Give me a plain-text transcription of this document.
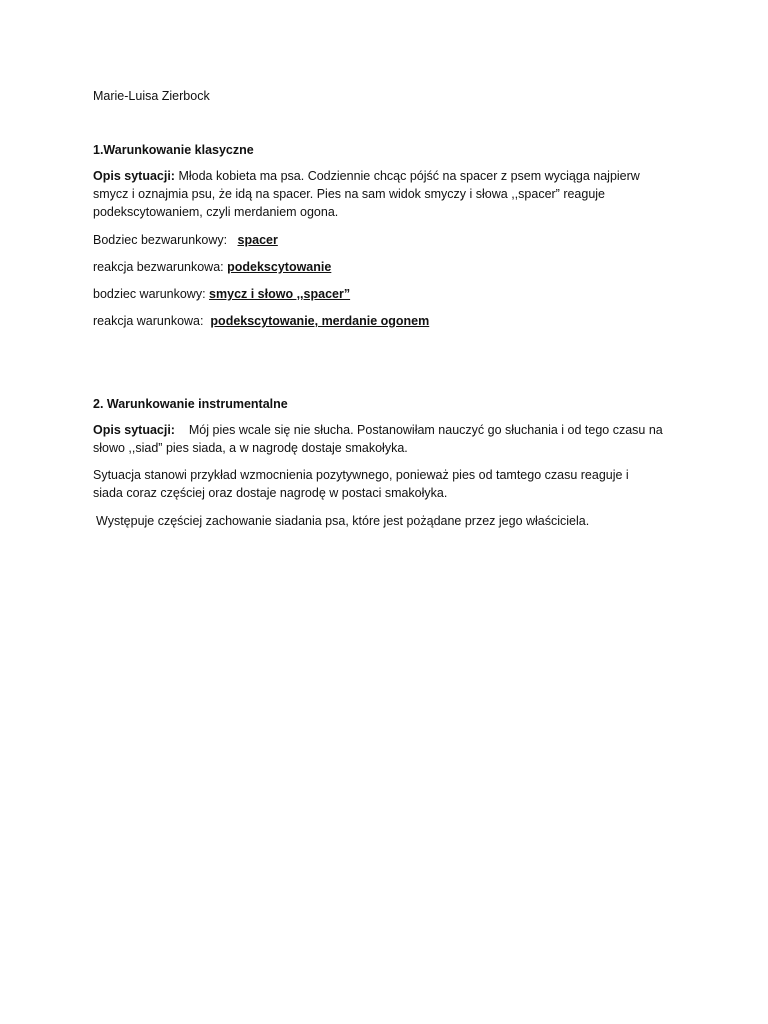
Marie-Luisa Zierbock
1.Warunkowanie klasyczne
Opis sytuacji: Młoda kobieta ma psa. Codziennie chcąc pójść na spacer z psem wyciąga najpierw
smycz i oznajmia psu, że idą na spacer. Pies na sam widok smyczy i słowa ,,spacer” reaguje
podekscytowaniem, czyli merdaniem ogona.
Bodziec bezwarunkowy: spacer
reakcja bezwarunkowa: podekscytowanie
bodziec warunkowy: smycz i słowo ,,spacer”
reakcja warunkowa: podekscytowanie, merdanie ogonem
2. Warunkowanie instrumentalne
Opis sytuacji: Mój pies wcale się nie słucha. Postanowiłam nauczyć go słuchania i od tego czasu na
słowo ,,siad” pies siada, a w nagrodę dostaje smakołyka.
Sytuacja stanowi przykład wzmocnienia pozytywnego, ponieważ pies od tamtego czasu reaguje i
siada coraz częściej oraz dostaje nagrodę w postaci smakołyka.
Występuje częściej zachowanie siadania psa, które jest pożądane przez jego właściciela.
